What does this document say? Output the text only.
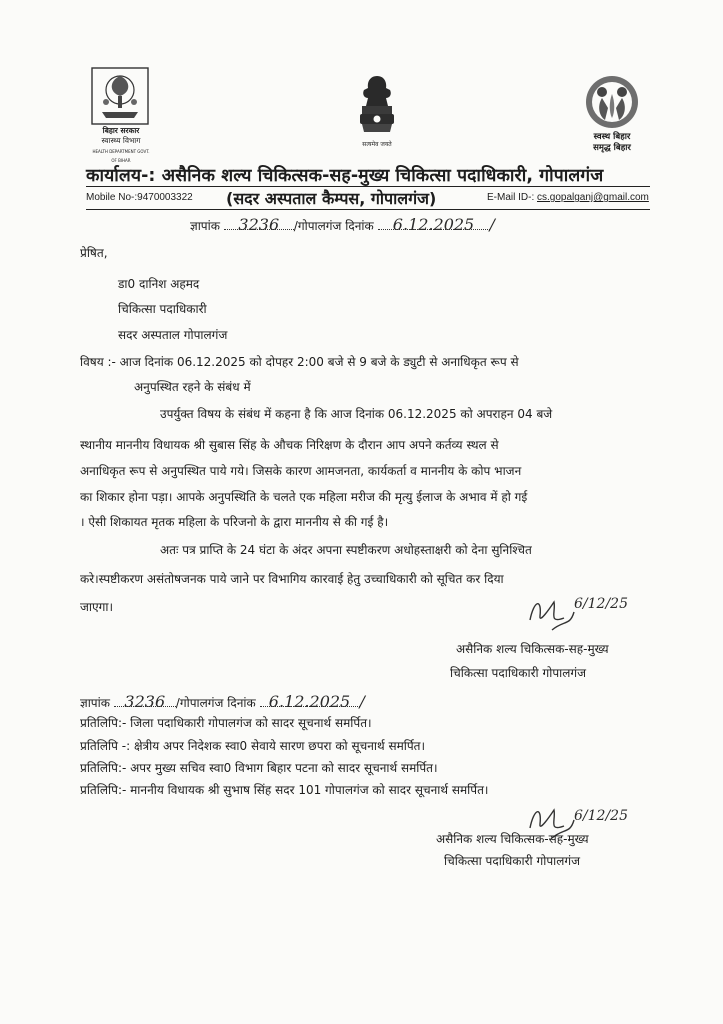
बिहार सरकार
स्वास्थ्य विभाग
HEALTH DEPARTMENT GOVT. OF BIHAR
सत्यमेव जयते
स्वस्थ बिहार
समृद्ध बिहार
कार्यालय-: असैनिक शल्य चिकित्सक-सह-मुख्य चिकित्सा पदाधिकारी, गोपालगंज
Mobile No-:9470003322 (सदर अस्पताल कैम्पस, गोपालगंज)	E-Mail ID-: cs.gopalganj@gmail.com
ज्ञापांक 3236 /गोपालगंज दिनांक 6.12.2025 /
प्रेषित,
डा0 दानिश अहमद
चिकित्सा पदाधिकारी
सदर अस्पताल गोपालगंज
विषय :- आज दिनांक 06.12.2025 को दोपहर 2:00 बजे से 9 बजे के ड्युटी से अनाधिकृत रूप से
अनुपस्थित रहने के संबंध में
उपर्युक्त विषय के संबंध में कहना है कि आज दिनांक 06.12.2025 को अपराहन 04 बजे
स्थानीय माननीय विधायक श्री सुबास सिंह के औचक निरिक्षण के दौरान आप अपने कर्तव्य स्थल से
अनाधिकृत रूप से अनुपस्थित पाये गये। जिसके कारण आमजनता, कार्यकर्ता व माननीय के कोप भाजन
का शिकार होना पड़ा। आपके अनुपस्थिति के चलते एक महिला मरीज की मृत्यु ईलाज के अभाव में हो गई
। ऐसी शिकायत मृतक महिला के परिजनो के द्वारा माननीय से की गई है।
अतः पत्र प्राप्ति के 24 घंटा के अंदर अपना स्पष्टीकरण अधोहस्ताक्षरी को देना सुनिश्चित
करे।स्पष्टीकरण असंतोषजनक पाये जाने पर विभागिय कारवाई हेतु उच्चाधिकारी को सूचित कर दिया
जाएगा।	6/12/25
असैनिक शल्य चिकित्सक-सह-मुख्य
चिकित्सा पदाधिकारी गोपालगंज
ज्ञापांक 3236 /गोपालगंज दिनांक 6.12.2025 /
प्रतिलिपि:- जिला पदाधिकारी गोपालगंज को सादर सूचनार्थ समर्पित।
प्रतिलिपि -: क्षेत्रीय अपर निदेशक स्वा0 सेवाये सारण छपरा को सूचनार्थ समर्पित।
प्रतिलिपि:- अपर मुख्य सचिव स्वा0 विभाग बिहार पटना को सादर सूचनार्थ समर्पित।
प्रतिलिपि:- माननीय विधायक श्री सुभाष सिंह सदर 101 गोपालगंज को सादर सूचनार्थ समर्पित।
6/12/25
असैनिक शल्य चिकित्सक-सह-मुख्य
चिकित्सा पदाधिकारी गोपालगंज
